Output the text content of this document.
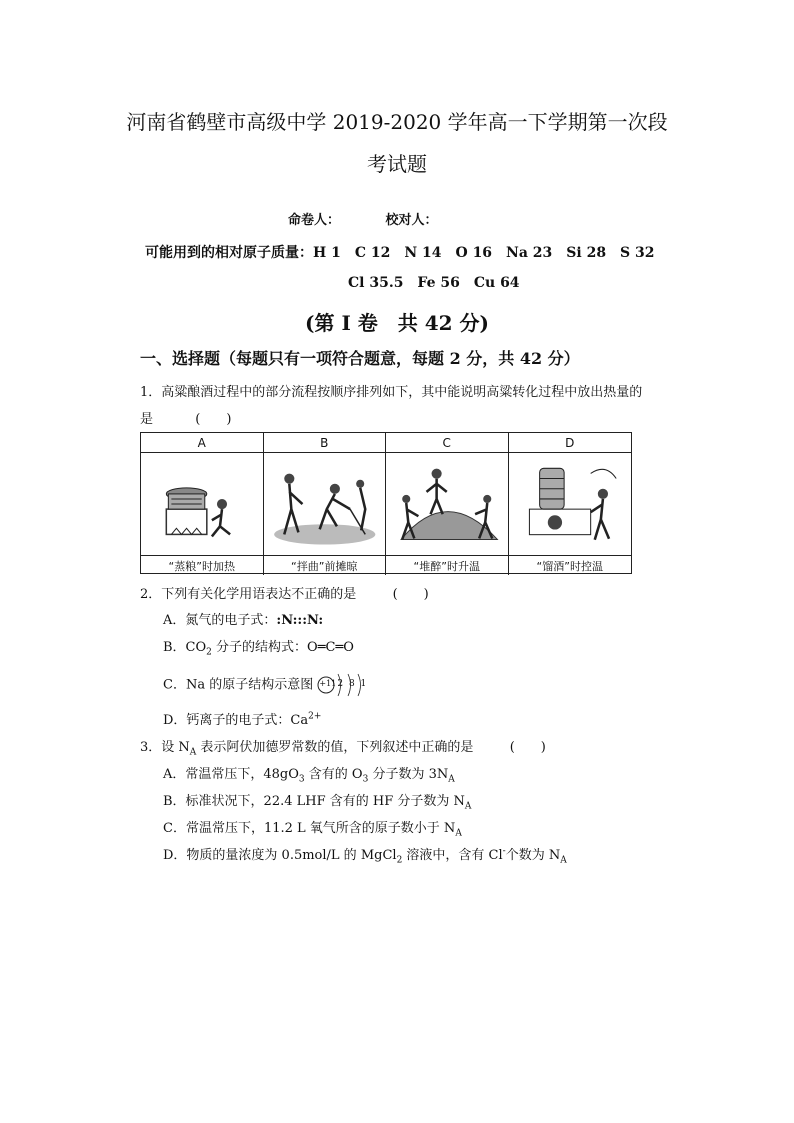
河南省鹤壁市高级中学 2019-2020 学年高一下学期第一次段
考试题
命卷人：　　　　校对人：
可能用到的相对原子质量：H 1　C 12　N 14　O 16　Na 23　Si 28　S 32
Cl 35.5　Fe 56　Cu 64
(第 I 卷　共 42 分)
一、选择题（每题只有一项符合题意，每题 2 分，共 42 分）
1．高粱酿酒过程中的部分流程按顺序排列如下，其中能说明高粱转化过程中放出热量的
是	(　　)
A	B	C	D
“蒸粮”时加热	“拌曲”前摊晾	“堆醉”时升温	“馏酒”时控温
2．下列有关化学用语表达不正确的是	(　　)
A．氮气的电子式：:N:::N:
B．$CO_2$ 分子的结构式：O═C═O
C．Na 的原子结构示意图 +11 2 8 1
D．钙离子的电子式：$Ca^{2+}$
3．设 $N_A$ 表示阿伏加德罗常数的值，下列叙述中正确的是	(　　)
A．常温常压下，$48gO_3$ 含有的 $O_3$ 分子数为 $3N_A$
B．标准状况下，22.4 LHF 含有的 HF 分子数为 $N_A$
C．常温常压下，11.2 L 氧气所含的原子数小于 $N_A$
D．物质的量浓度为 0.5mol/L 的 MgCl$_2$ 溶液中，含有 Cl-个数为 $N_A$
